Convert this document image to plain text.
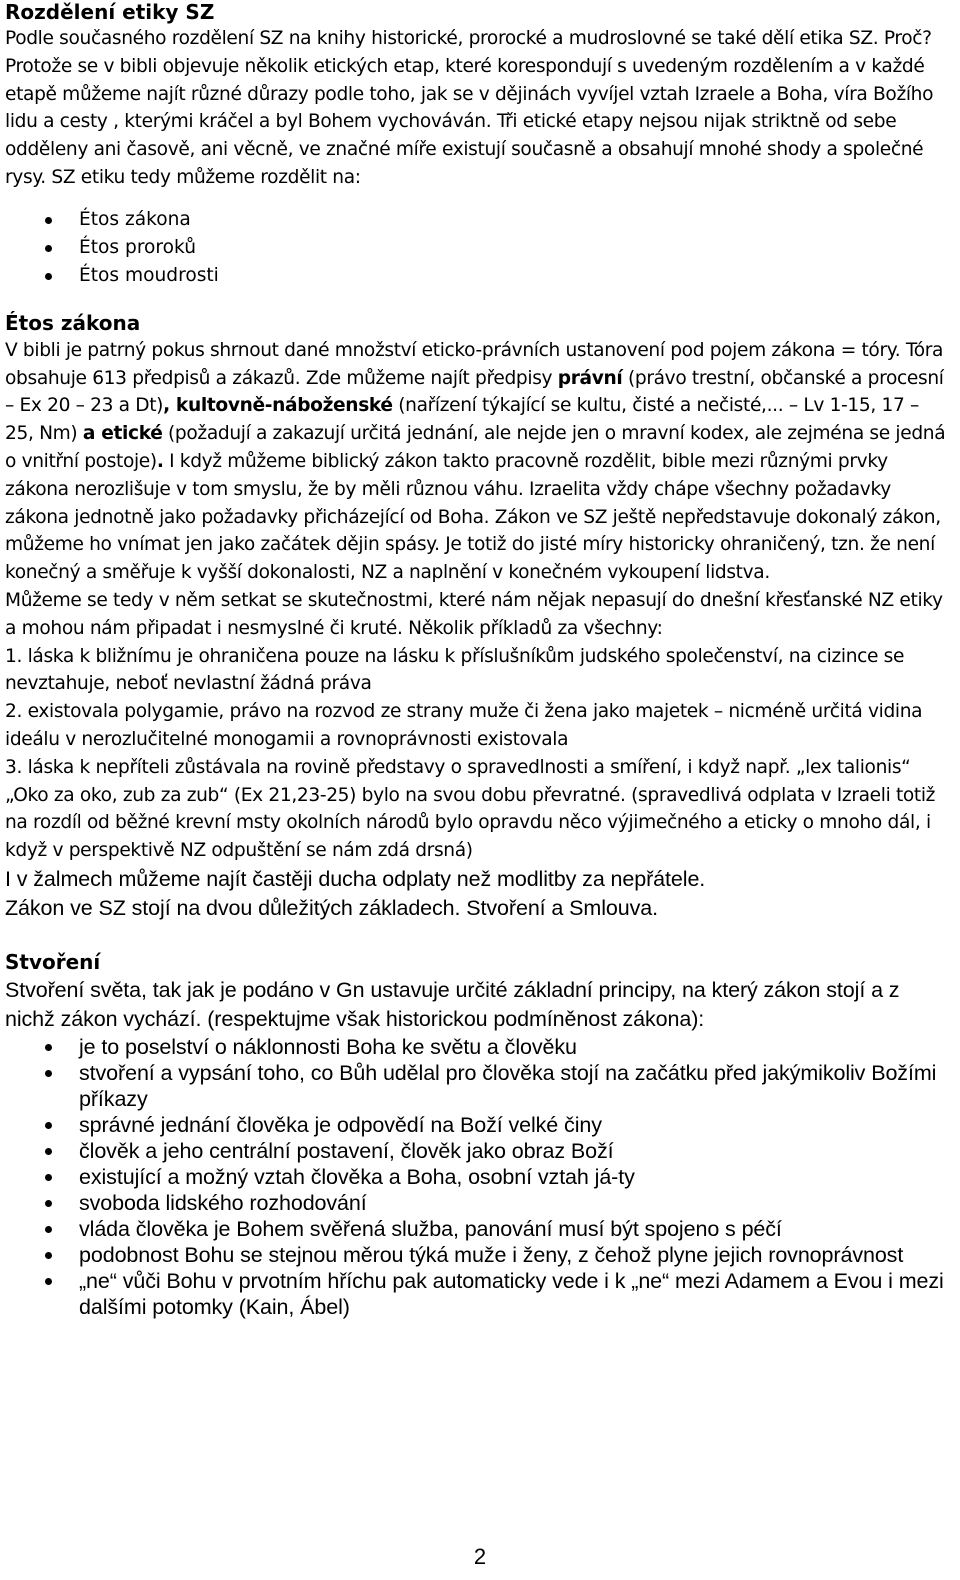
Rozdělení etiky SZ

Podle současného rozdělení SZ na knihy historické, prorocké a mudroslovné se také dělí etika SZ. Proč? Protože se v bibli objevuje několik etických etap, které korespondují s uvedeným rozdělením a v každé etapě můžeme najít různé důrazy podle toho, jak se v dějinách vyvíjel vztah Izraele a Boha, víra Božího lidu a cesty , kterými kráčel a byl Bohem vychováván. Tři etické etapy nejsou nijak striktně od sebe odděleny ani časově, ani věcně, ve značné míře existují současně a obsahují mnohé shody a společné rysy. SZ etiku tedy můžeme rozdělit na:

Étos zákona
Étos proroků
Étos moudrosti
Étos zákona

V bibli je patrný pokus shrnout dané množství eticko-právních ustanovení pod pojem zákona = tóry. Tóra obsahuje 613 předpisů a zákazů. Zde můžeme najít předpisy právní (právo trestní, občanské a procesní – Ex 20 – 23 a Dt), kultovně-náboženské (nařízení týkající se kultu, čisté a nečisté,... – Lv 1-15, 17 – 25, Nm) a etické (požadují a zakazují určitá jednání, ale nejde jen o mravní kodex, ale zejména se jedná o vnitřní postoje). I když můžeme biblický zákon takto pracovně rozdělit, bible mezi různými prvky zákona nerozlišuje v tom smyslu, že by měli různou váhu. Izraelita vždy chápe všechny požadavky zákona jednotně jako požadavky přicházející od Boha. Zákon ve SZ ještě nepředstavuje dokonalý zákon, můžeme ho vnímat jen jako začátek dějin spásy. Je totiž do jisté míry historicky ohraničený, tzn. že není konečný a směřuje k vyšší dokonalosti, NZ a naplnění v konečném vykoupení lidstva.

Můžeme se tedy v něm setkat se skutečnostmi, které nám nějak nepasují do dnešní křesťanské NZ etiky a mohou nám připadat i nesmyslné či kruté. Několik příkladů za všechny:

1. láska k bližnímu je ohraničena pouze na lásku k příslušníkům judského společenství, na cizince se nevztahuje, neboť nevlastní žádná práva

2. existovala polygamie, právo na rozvod ze strany muže či žena jako majetek – nicméně určitá vidina ideálu v nerozlučitelné monogamii a rovnoprávnosti existovala

3. láska k nepříteli zůstávala na rovině představy o spravedlnosti a smíření, i když např. „lex talionis“ „Oko za oko, zub za zub“ (Ex 21,23-25) bylo na svou dobu převratné. (spravedlivá odplata v Izraeli totiž na rozdíl od běžné krevní msty okolních národů bylo opravdu něco výjimečného a eticky o mnoho dál, i když v perspektivě NZ odpuštění se nám zdá drsná)

I v žalmech můžeme najít častěji ducha odplaty než modlitby za nepřátele.

Zákon ve SZ stojí na dvou důležitých základech. Stvoření a Smlouva.

Stvoření

Stvoření světa, tak jak je podáno v Gn ustavuje určité základní principy, na který zákon stojí a z nichž zákon vychází. (respektujme však historickou podmíněnost zákona):

je to poselství o náklonnosti Boha ke světu a člověku
stvoření a vypsání toho, co Bůh udělal pro člověka stojí na začátku před jakýmikoliv Božími příkazy
správné jednání člověka je odpovědí na Boží velké činy
člověk a jeho centrální postavení, člověk jako obraz Boží
existující a možný vztah člověka a Boha, osobní vztah já-ty
svoboda lidského rozhodování
vláda člověka je Bohem svěřená služba, panování musí být spojeno s péčí
podobnost Bohu se stejnou měrou týká muže i ženy, z čehož plyne jejich rovnoprávnost
„ne“ vůči Bohu v prvotním hříchu pak automaticky vede i k „ne“ mezi Adamem a Evou i mezi dalšími potomky (Kain, Ábel)
2
